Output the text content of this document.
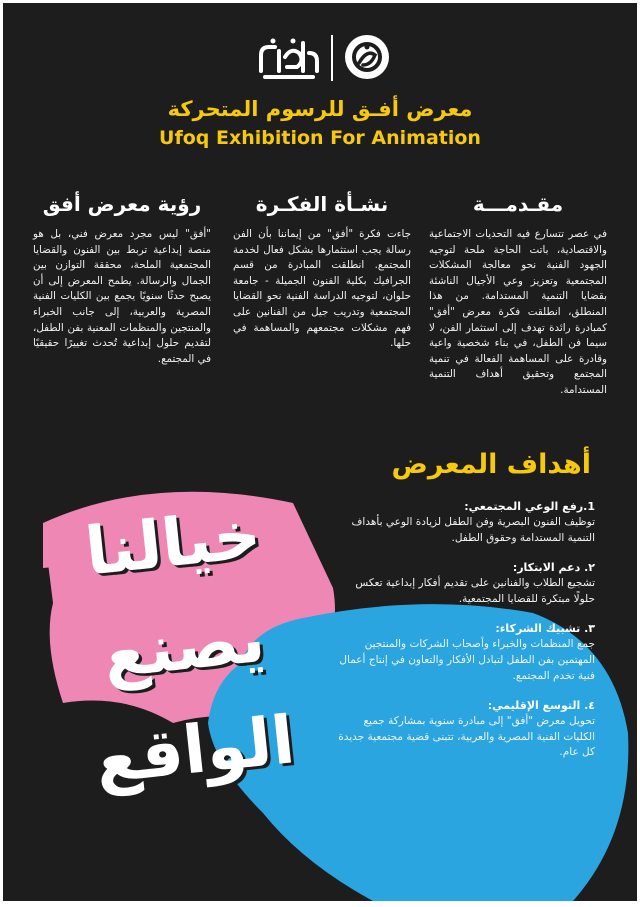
معرض أفـق للرسوم المتحركة
Ufoq Exhibition For Animation
مقـدمـــة
في عصر تتسارع فيه التحديات الاجتماعية والاقتصادية، باتت الحاجة ملحة لتوجيه الجهود الفنية نحو معالجة المشكلات المجتمعية وتعزيز وعي الأجيال الناشئة بقضايا التنمية المستدامة. من هذا المنطلق، انطلقت فكرة معرض "أفق" كمبادرة رائدة تهدف إلى استثمار الفن، لا سيما فن الطفل، في بناء شخصية واعية وقادرة على المساهمة الفعالة في تنمية المجتمع وتحقيق أهداف التنمية المستدامة.
نشـأة الفكـرة
جاءت فكرة "أفق" من إيماننا بأن الفن رسالة يجب استثمارها بشكل فعال لخدمة المجتمع. انطلقت المبادرة من قسم الجرافيك بكلية الفنون الجميلة - جامعة حلوان، لتوجيه الدراسة الفنية نحو القضايا المجتمعية وتدريب جيل من الفنانين على فهم مشكلات مجتمعهم والمساهمة في حلها.
رؤية معرض أفق
"أفق" ليس مجرد معرض فني، بل هو منصة إبداعية تربط بين الفنون والقضايا المجتمعية الملحة، محققة التوازن بين الجمال والرسالة. يطمح المعرض إلى أن يصبح حدثًا سنويًا يجمع بين الكليات الفنية المصرية والعربية، إلى جانب الخبراء والمنتجين والمنظمات المعنية بفن الطفل، لتقديم حلول إبداعية تُحدث تغييرًا حقيقيًا في المجتمع.
أهداف المعرض
1.رفع الوعي المجتمعي:
توظيف الفنون البصرية وفن الطفل لزيادة الوعي بأهداف التنمية المستدامة وحقوق الطفل.
٢. دعم الابتكار:
تشجيع الطلاب والفنانين على تقديم أفكار إبداعية تعكس حلولًا مبتكرة للقضايا المجتمعية.
٣. تشبيك الشركاء:
جمع المنظمات والخبراء وأصحاب الشركات والمنتجين المهتمين بفن الطفل لتبادل الأفكار والتعاون في إنتاج أعمال فنية تخدم المجتمع.
٤. التوسع الإقليمي:
تحويل معرض "أفق" إلى مبادرة سنوية بمشاركة جميع الكليات الفنية المصرية والعربية، تتبنى قضية مجتمعية جديدة كل عام.
خيالنا
يصنع
الواقع
